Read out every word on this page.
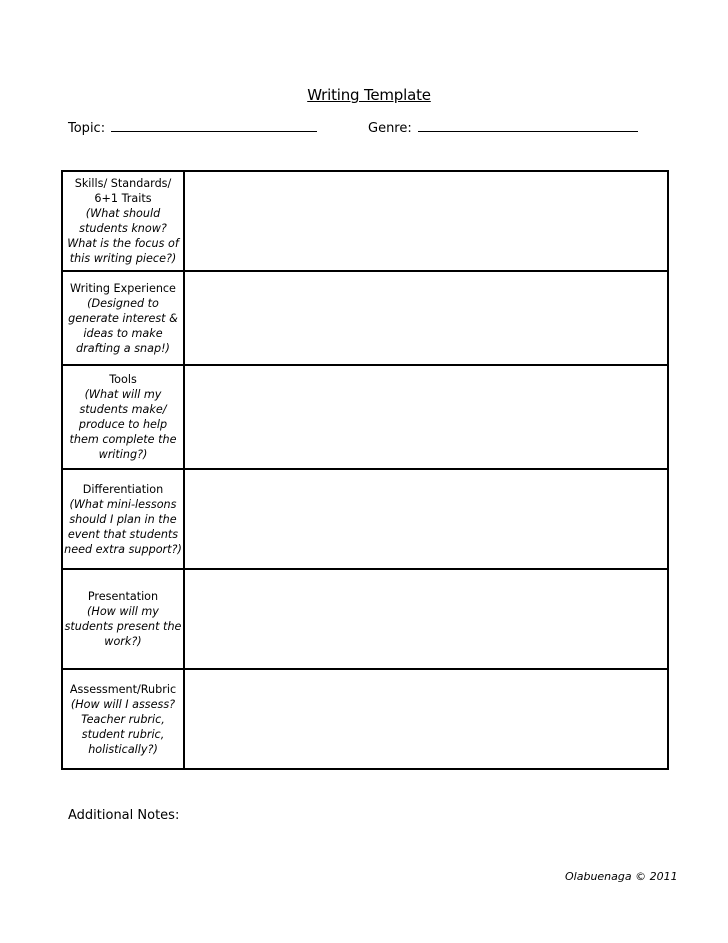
Writing Template
Topic:	Genre:
Skills/ Standards/ 6+1 Traits
(What should students know? What is the focus of this writing piece?)	

Writing Experience
(Designed to generate interest & ideas to make drafting a snap!)	

Tools
(What will my students make/ produce to help them complete the writing?)	

Differentiation
(What mini-lessons should I plan in the event that students need extra support?)	

Presentation
(How will my students present the work?)	

Assessment/Rubric
(How will I assess? Teacher rubric, student rubric, holistically?)	

Additional Notes:
Olabuenaga © 2011
